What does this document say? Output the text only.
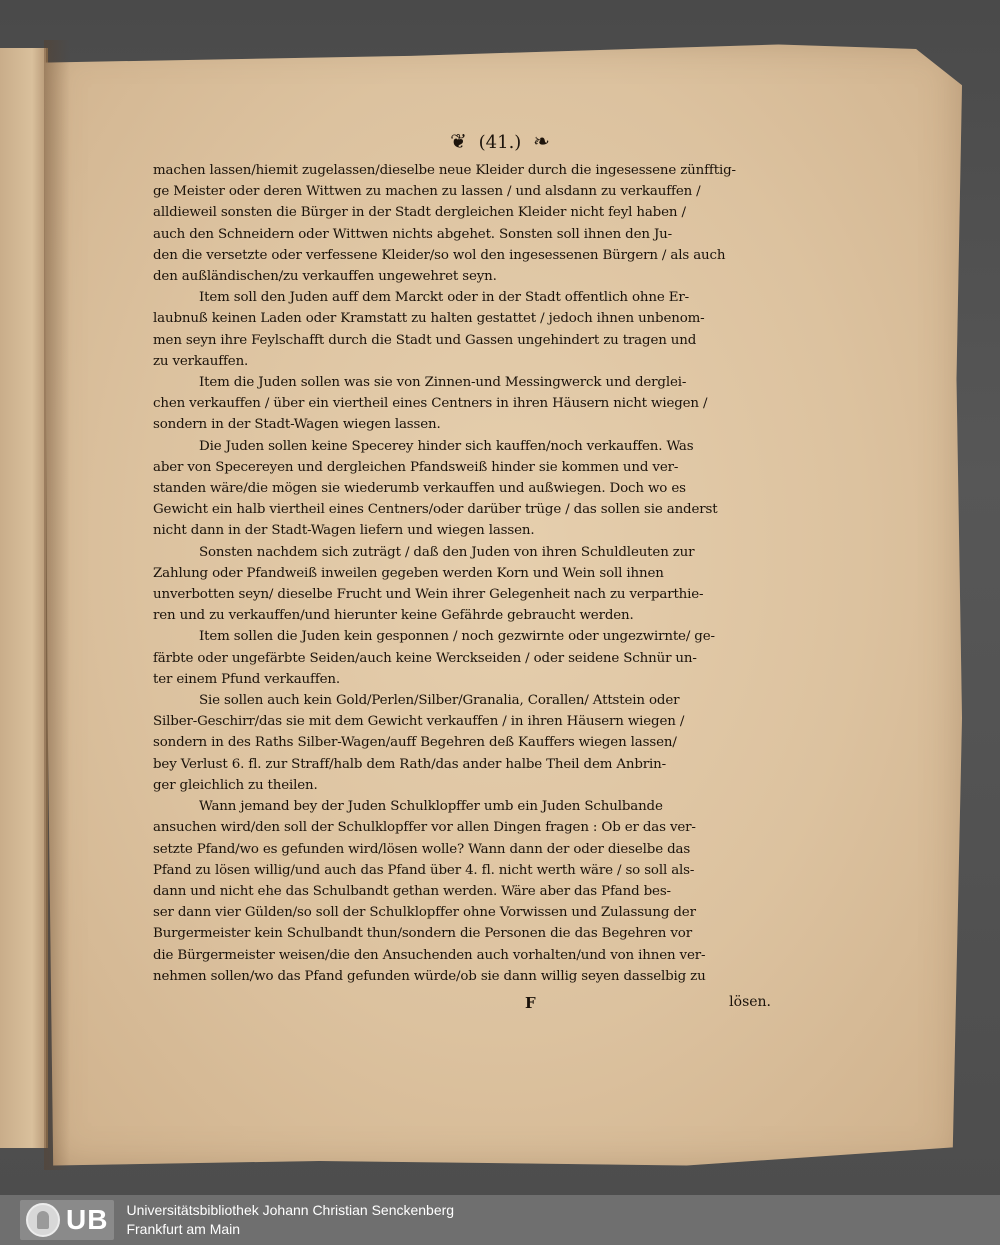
❦ (41.) ❧
machen lassen/hiemit zugelassen/dieselbe neue Kleider durch die ingesessene zünfftig-
ge Meister oder deren Wittwen zu machen zu lassen / und alsdann zu verkauffen /
alldieweil sonsten die Bürger in der Stadt dergleichen Kleider nicht feyl haben /
auch den Schneidern oder Wittwen nichts abgehet. Sonsten soll ihnen den Ju-
den die versetzte oder verfessene Kleider/so wol den ingesessenen Bürgern / als auch
den außländischen/zu verkauffen ungewehret seyn.
Item soll den Juden auff dem Marckt oder in der Stadt offentlich ohne Er-
laubnuß keinen Laden oder Kramstatt zu halten gestattet / jedoch ihnen unbenom-
men seyn ihre Feylschafft durch die Stadt und Gassen ungehindert zu tragen und
zu verkauffen.
Item die Juden sollen was sie von Zinnen-und Messingwerck und derglei-
chen verkauffen / über ein viertheil eines Centners in ihren Häusern nicht wiegen /
sondern in der Stadt-Wagen wiegen lassen.
Die Juden sollen keine Specerey hinder sich kauffen/noch verkauffen. Was
aber von Specereyen und dergleichen Pfandsweiß hinder sie kommen und ver-
standen wäre/die mögen sie wiederumb verkauffen und außwiegen. Doch wo es
Gewicht ein halb viertheil eines Centners/oder darüber trüge / das sollen sie anderst
nicht dann in der Stadt-Wagen liefern und wiegen lassen.
Sonsten nachdem sich zuträgt / daß den Juden von ihren Schuldleuten zur
Zahlung oder Pfandweiß inweilen gegeben werden Korn und Wein soll ihnen
unverbotten seyn/ dieselbe Frucht und Wein ihrer Gelegenheit nach zu verparthie-
ren und zu verkauffen/und hierunter keine Gefährde gebraucht werden.
Item sollen die Juden kein gesponnen / noch gezwirnte oder ungezwirnte/ ge-
färbte oder ungefärbte Seiden/auch keine Werckseiden / oder seidene Schnür un-
ter einem Pfund verkauffen.
Sie sollen auch kein Gold/Perlen/Silber/Granalia, Corallen/ Attstein oder
Silber-Geschirr/das sie mit dem Gewicht verkauffen / in ihren Häusern wiegen /
sondern in des Raths Silber-Wagen/auff Begehren deß Kauffers wiegen lassen/
bey Verlust 6. fl. zur Straff/halb dem Rath/das ander halbe Theil dem Anbrin-
ger gleichlich zu theilen.
Wann jemand bey der Juden Schulklopffer umb ein Juden Schulbande
ansuchen wird/den soll der Schulklopffer vor allen Dingen fragen : Ob er das ver-
setzte Pfand/wo es gefunden wird/lösen wolle? Wann dann der oder dieselbe das
Pfand zu lösen willig/und auch das Pfand über 4. fl. nicht werth wäre / so soll als-
dann und nicht ehe das Schulbandt gethan werden. Wäre aber das Pfand bes-
ser dann vier Gülden/so soll der Schulklopffer ohne Vorwissen und Zulassung der
Burgermeister kein Schulbandt thun/sondern die Personen die das Begehren vor
die Bürgermeister weisen/die den Ansuchenden auch vorhalten/und von ihnen ver-
nehmen sollen/wo das Pfand gefunden würde/ob sie dann willig seyen dasselbig zu
F	lösen.
UB Universitätsbibliothek Johann Christian Senckenberg
Frankfurt am Main
